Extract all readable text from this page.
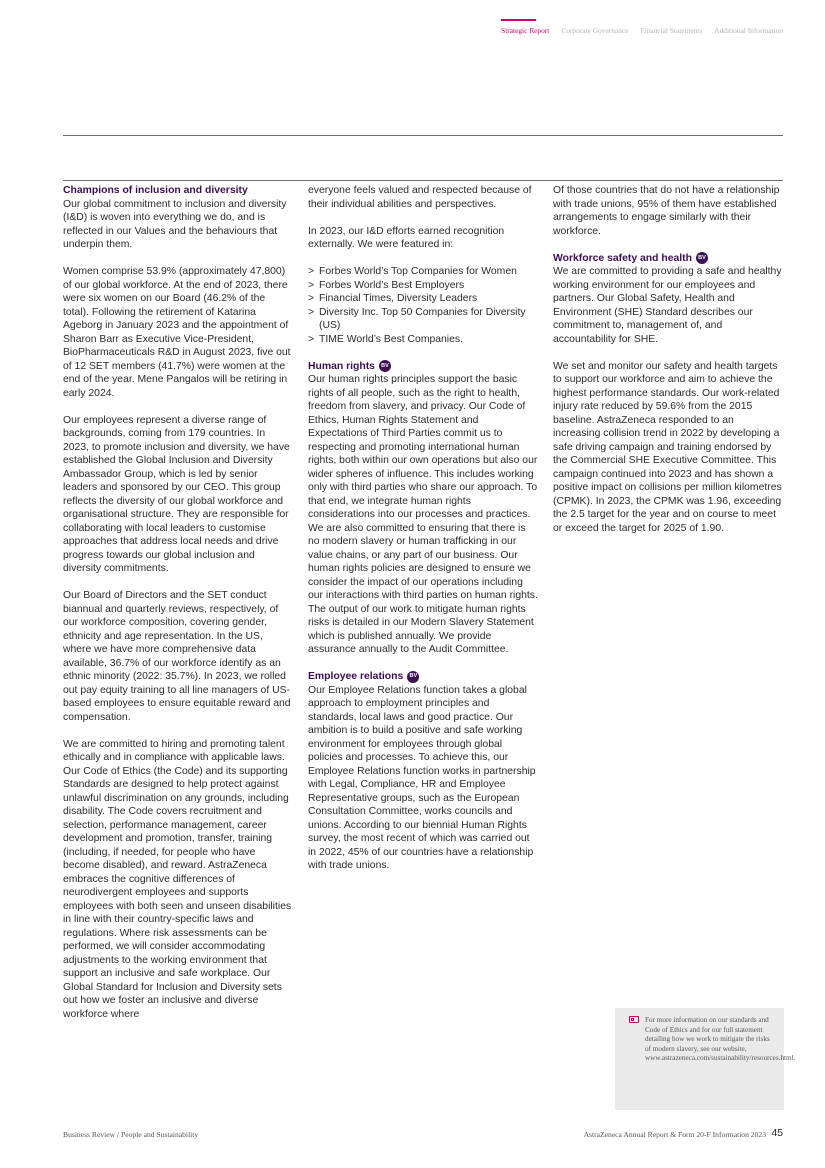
Strategic Report Corporate Governance Financial Statements Additional Information
Champions of inclusion and diversity

Our global commitment to inclusion and diversity (I&D) is woven into everything we do, and is reflected in our Values and the behaviours that underpin them.

Women comprise 53.9% (approximately 47,800) of our global workforce. At the end of 2023, there were six women on our Board (46.2% of the total). Following the retirement of Katarina Ageborg in January 2023 and the appointment of Sharon Barr as Executive Vice-President, BioPharmaceuticals R&D in August 2023, five out of 12 SET members (41.7%) were women at the end of the year. Mene Pangalos will be retiring in early 2024.

Our employees represent a diverse range of backgrounds, coming from 179 countries. In 2023, to promote inclusion and diversity, we have established the Global Inclusion and Diversity Ambassador Group, which is led by senior leaders and sponsored by our CEO. This group reflects the diversity of our global workforce and organisational structure. They are responsible for collaborating with local leaders to customise approaches that address local needs and drive progress towards our global inclusion and diversity commitments.

Our Board of Directors and the SET conduct biannual and quarterly reviews, respectively, of our workforce composition, covering gender, ethnicity and age representation. In the US, where we have more comprehensive data available, 36.7% of our workforce identify as an ethnic minority (2022: 35.7%). In 2023, we rolled out pay equity training to all line managers of US-based employees to ensure equitable reward and compensation.

We are committed to hiring and promoting talent ethically and in compliance with applicable laws. Our Code of Ethics (the Code) and its supporting Standards are designed to help protect against unlawful discrimination on any grounds, including disability. The Code covers recruitment and selection, performance management, career development and promotion, transfer, training (including, if needed, for people who have become disabled), and reward. AstraZeneca embraces the cognitive differences of neurodivergent employees and supports employees with both seen and unseen disabilities in line with their country-specific laws and regulations. Where risk assessments can be performed, we will consider accommodating adjustments to the working environment that support an inclusive and safe workplace. Our Global Standard for Inclusion and Diversity sets out how we foster an inclusive and diverse workforce where

everyone feels valued and respected because of their individual abilities and perspectives.

In 2023, our I&D efforts earned recognition externally. We were featured in:

> Forbes World’s Top Companies for Women
> Forbes World’s Best Employers
> Financial Times, Diversity Leaders
> Diversity Inc. Top 50 Companies for Diversity (US)
> TIME World’s Best Companies.
Human rights	BV

Our human rights principles support the basic rights of all people, such as the right to health, freedom from slavery, and privacy. Our Code of Ethics, Human Rights Statement and Expectations of Third Parties commit us to respecting and promoting international human rights, both within our own operations but also our wider spheres of influence. This includes working only with third parties who share our approach. To that end, we integrate human rights considerations into our processes and practices. We are also committed to ensuring that there is no modern slavery or human trafficking in our value chains, or any part of our business. Our human rights policies are designed to ensure we consider the impact of our operations including our interactions with third parties on human rights. The output of our work to mitigate human rights risks is detailed in our Modern Slavery Statement which is published annually. We provide assurance annually to the Audit Committee.

Employee relations	BV

Our Employee Relations function takes a global approach to employment principles and standards, local laws and good practice. Our ambition is to build a positive and safe working environment for employees through global policies and processes. To achieve this, our Employee Relations function works in partnership with Legal, Compliance, HR and Employee Representative groups, such as the European Consultation Committee, works councils and unions. According to our biennial Human Rights survey, the most recent of which was carried out in 2022, 45% of our countries have a relationship with trade unions.

Of those countries that do not have a relationship with trade unions, 95% of them have established arrangements to engage similarly with their workforce.

Workforce safety and health	BV

We are committed to providing a safe and healthy working environment for our employees and partners. Our Global Safety, Health and Environment (SHE) Standard describes our commitment to, management of, and accountability for SHE.

We set and monitor our safety and health targets to support our workforce and aim to achieve the highest performance standards. Our work-related injury rate reduced by 59.6% from the 2015 baseline. AstraZeneca responded to an increasing collision trend in 2022 by developing a safe driving campaign and training endorsed by the Commercial SHE Executive Committee. This campaign continued into 2023 and has shown a positive impact on collisions per million kilometres (CPMK). In 2023, the CPMK was 1.96, exceeding the 2.5 target for the year and on course to meet or exceed the target for 2025 of 1.90.

For more information on our standards and Code of Ethics and for our full statement detailing how we work to mitigate the risks of modern slavery, see our website, www.astrazeneca.com/sustainability/resources.html.
Business Review / People and Sustainability	AstraZeneca Annual Report & Form 20-F Information 2023 45
